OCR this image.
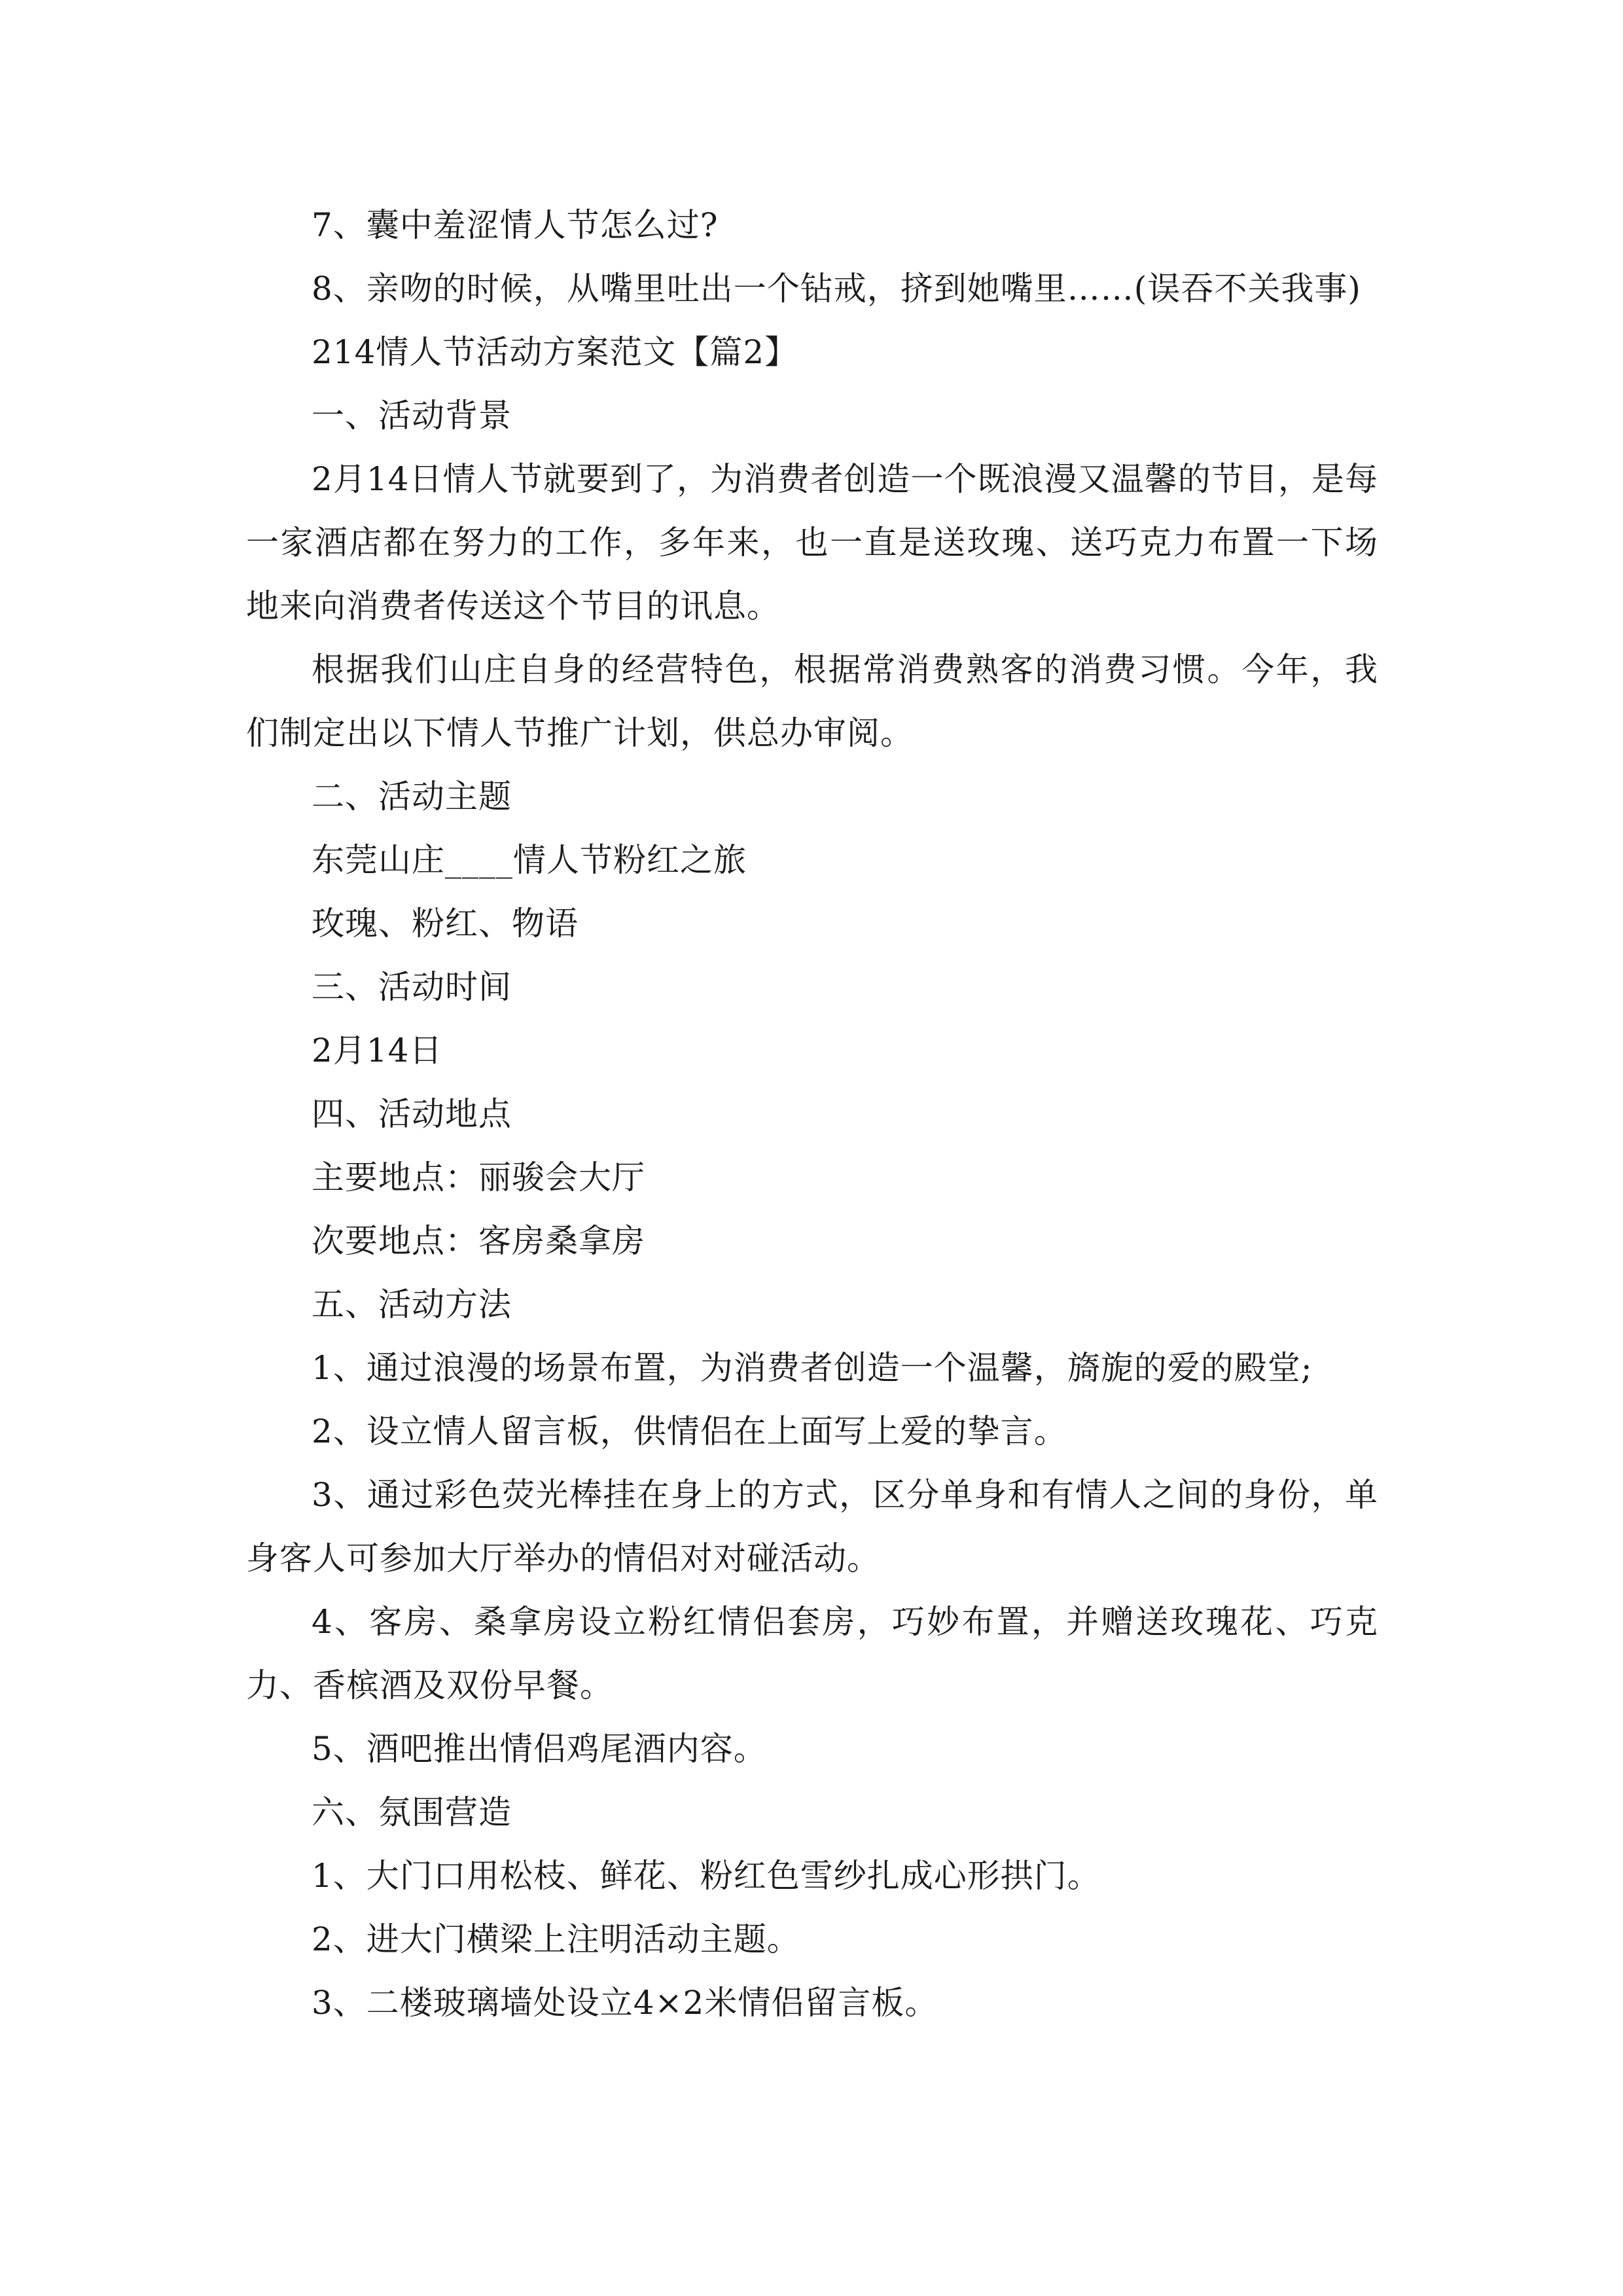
7、囊中羞涩情人节怎么过?

8、亲吻的时候，从嘴里吐出一个钻戒，挤到她嘴里……(误吞不关我事)

214情人节活动方案范文【篇2】

一、活动背景

2月14日情人节就要到了，为消费者创造一个既浪漫又温馨的节目，是每一家酒店都在努力的工作，多年来，也一直是送玫瑰、送巧克力布置一下场地来向消费者传送这个节目的讯息。

根据我们山庄自身的经营特色，根据常消费熟客的消费习惯。今年，我们制定出以下情人节推广计划，供总办审阅。

二、活动主题

东莞山庄____情人节粉红之旅

玫瑰、粉红、物语

三、活动时间

2月14日

四、活动地点

主要地点：丽骏会大厅

次要地点：客房桑拿房

五、活动方法

1、通过浪漫的场景布置，为消费者创造一个温馨，旖旎的爱的殿堂;

2、设立情人留言板，供情侣在上面写上爱的挚言。

3、通过彩色荧光棒挂在身上的方式，区分单身和有情人之间的身份，单身客人可参加大厅举办的情侣对对碰活动。

4、客房、桑拿房设立粉红情侣套房，巧妙布置，并赠送玫瑰花、巧克力、香槟酒及双份早餐。

5、酒吧推出情侣鸡尾酒内容。

六、氛围营造

1、大门口用松枝、鲜花、粉红色雪纱扎成心形拱门。

2、进大门横梁上注明活动主题。

3、二楼玻璃墙处设立4×2米情侣留言板。
